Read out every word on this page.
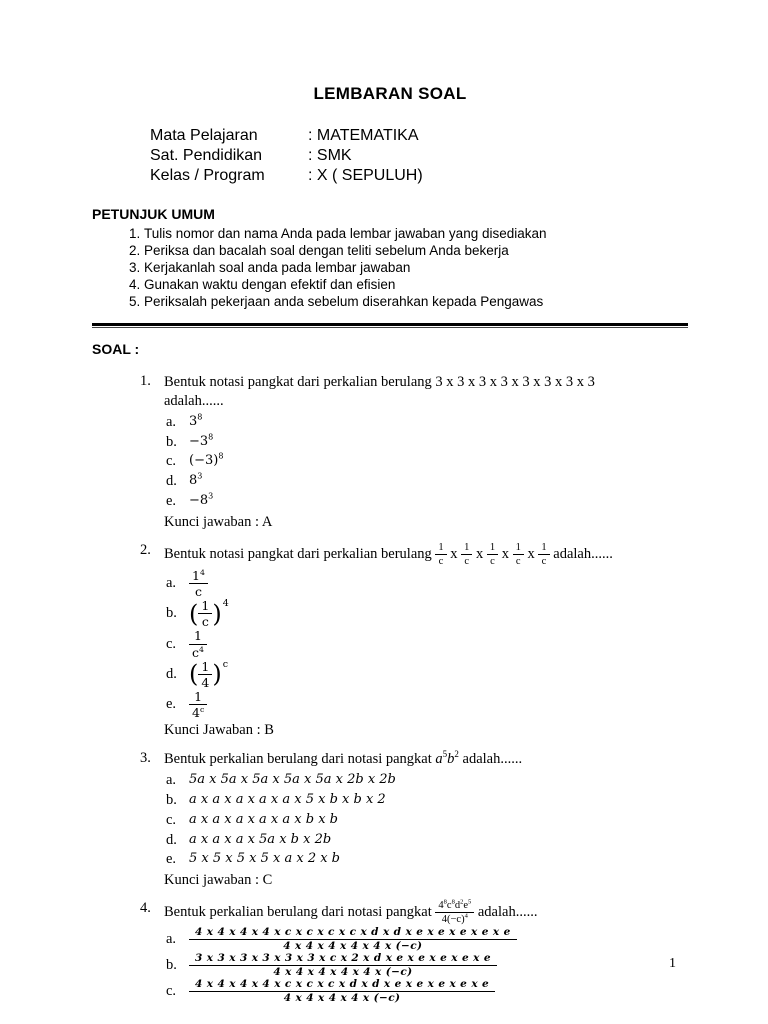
LEMBARAN SOAL
Mata Pelajaran	: MATEMATIKA
Sat. Pendidikan	: SMK
Kelas / Program	: X ( SEPULUH)
PETUNJUK UMUM
1. Tulis nomor dan nama Anda pada lembar jawaban yang disediakan
2. Periksa dan bacalah soal dengan teliti sebelum Anda bekerja
3. Kerjakanlah soal anda pada lembar jawaban
4. Gunakan waktu dengan efektif dan efisien
5. Periksalah pekerjaan anda sebelum diserahkan kepada Pengawas
SOAL :
1. Bentuk notasi pangkat dari perkalian berulang 3 x 3 x 3 x 3 x 3 x 3 x 3 x 3
adalah......
a. $3^8$
b. $-3^8$
c. $(-3)^8$
d. $8^3$
e. $-8^3$
Kunci jawaban : A
2. Bentuk notasi pangkat dari perkalian berulang $\frac{1}{c}$ x $\frac{1}{c}$ x $\frac{1}{c}$ x $\frac{1}{c}$ x $\frac{1}{c}$ adalah......
a.	$\frac{1^4}{c}$
b. ( $\frac{1}{c}$ ) 4
c.	$\frac{1}{c^4}$
d. ( $\frac{1}{4}$ ) c
e.	$\frac{1}{4^c}$
Kunci Jawaban : B
3. Bentuk perkalian berulang dari notasi pangkat $a^5b^2$ adalah......
a. 5a x 5a x 5a x 5a x 5a x 2b x 2b
b. a x a x a x a x a x 5 x b x b x 2
c. a x a x a x a x a x b x b
d. a x a x a x 5a x b x 2b
e. 5 x 5 x 5 x 5 x a x 2 x b
Kunci jawaban : C
4. Bentuk perkalian berulang dari notasi pangkat $\frac{4^8c^8d^2e^5}{4(-c)^4}$ adalah......
a.	$\frac{\text{4 x 4 x 4 x 4 x c x c x c x c x d x d x e x e x e x e x e}}{4 x 4 x 4 x 4 x 4 x (-c)}$
b.	$\frac{\text{3 x 3 x 3 x 3 x 3 x 3 x c x 2 x d x e x e x e x e x e}}{4 x 4 x 4 x 4 x 4 x (-c)}$
c.	$\frac{\text{4 x 4 x 4 x 4 x c x c x c x d x d x e x e x e x e x e}}{4 x 4 x 4 x 4 x (-c)}$
1
